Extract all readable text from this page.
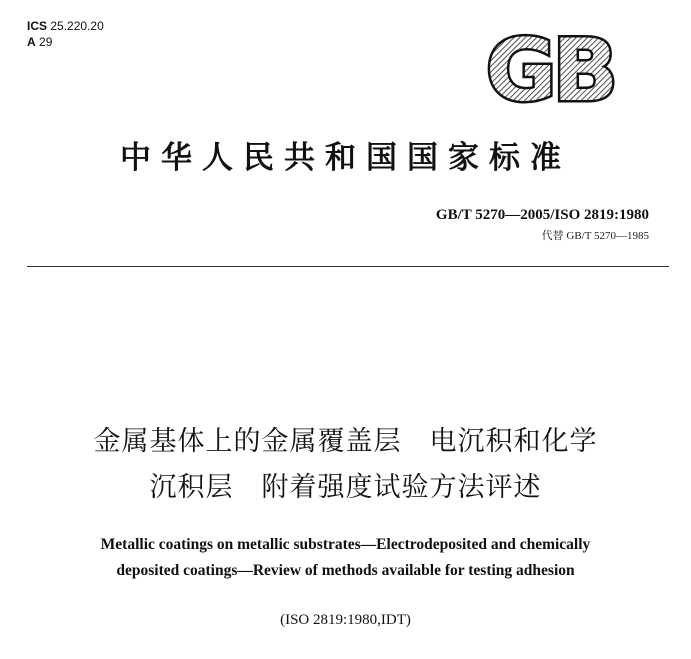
ICS 25.220.20
A 29	GB
中华人民共和国国家标准
GB/T 5270—2005/ISO 2819:1980
代替 GB/T 5270—1985
金属基体上的金属覆盖层　电沉积和化学
沉积层　附着强度试验方法评述
Metallic coatings on metallic substrates—Electrodeposited and chemically
deposited coatings—Review of methods available for testing adhesion
(ISO 2819:1980,IDT)
